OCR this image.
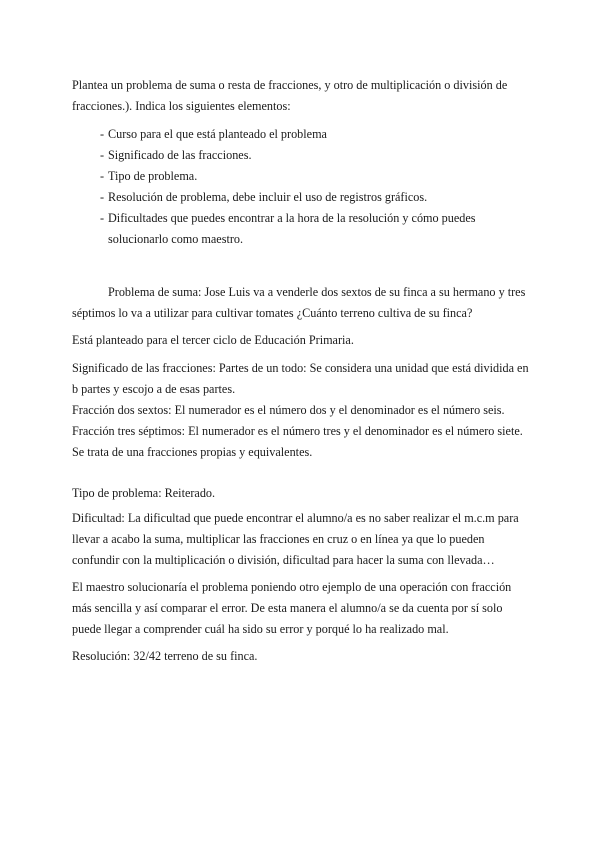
Plantea un problema de suma o resta de fracciones, y otro de multiplicación o división de fracciones.). Indica los siguientes elementos:

- Curso para el que está planteado el problema
- Significado de las fracciones.
- Tipo de problema.
- Resolución de problema, debe incluir el uso de registros gráficos.
- Dificultades que puedes encontrar a la hora de la resolución y cómo puedes solucionarlo como maestro.

Problema de suma: Jose Luis va a venderle dos sextos de su finca a su hermano y tres séptimos lo va a utilizar para cultivar tomates ¿Cuánto terreno cultiva de su finca?

Está planteado para el tercer ciclo de Educación Primaria.

Significado de las fracciones: Partes de un todo: Se considera una unidad que está dividida en b partes y escojo a de esas partes.
Fracción dos sextos: El numerador es el número dos y el denominador es el número seis.
Fracción tres séptimos: El numerador es el número tres y el denominador es el número siete.
Se trata de una fracciones propias y equivalentes.

Tipo de problema: Reiterado.

Dificultad: La dificultad que puede encontrar el alumno/a es no saber realizar el m.c.m para llevar a acabo la suma, multiplicar las fracciones en cruz o en línea ya que lo pueden confundir con la multiplicación o división, dificultad para hacer la suma con llevada…

El maestro solucionaría el problema poniendo otro ejemplo de una operación con fracción más sencilla y así comparar el error. De esta manera el alumno/a se da cuenta por sí solo puede llegar a comprender cuál ha sido su error y porqué lo ha realizado mal.

Resolución: 32/42 terreno de su finca.
